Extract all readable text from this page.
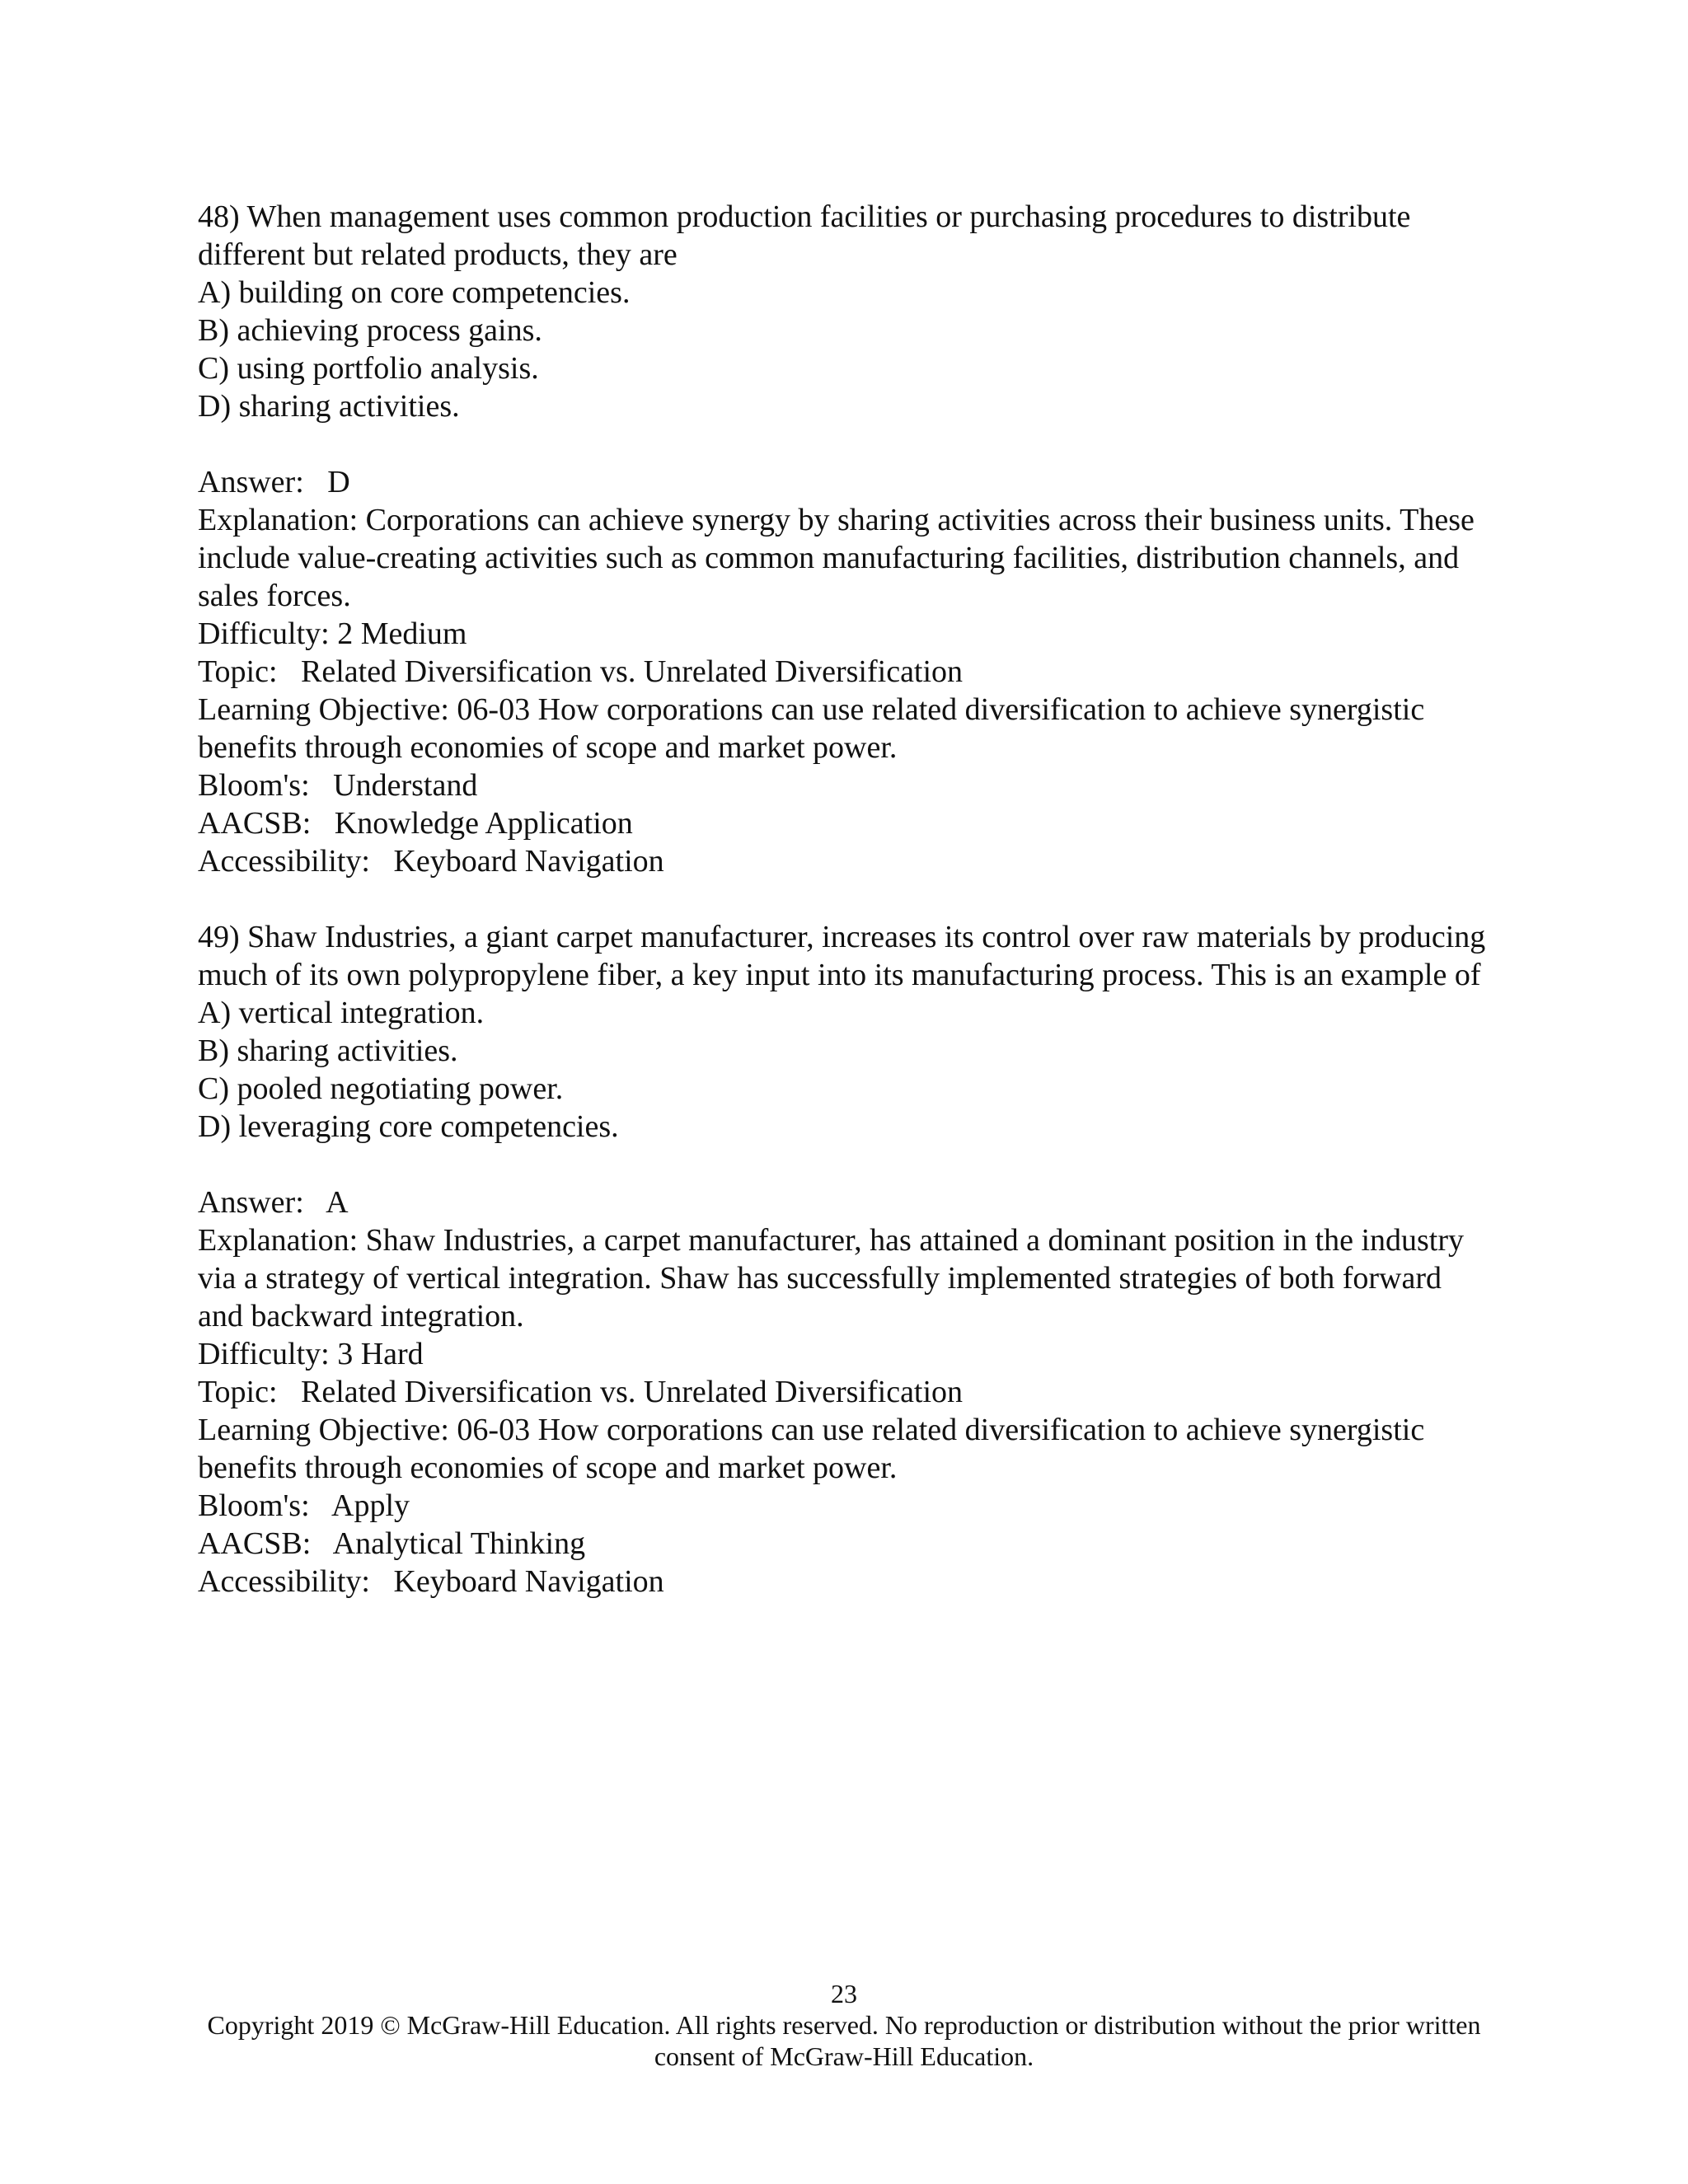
48) When management uses common production facilities or purchasing procedures to distribute different but related products, they are
A) building on core competencies.
B) achieving process gains.
C) using portfolio analysis.
D) sharing activities.
Answer:   D
Explanation: Corporations can achieve synergy by sharing activities across their business units. These include value-creating activities such as common manufacturing facilities, distribution channels, and sales forces.
Difficulty: 2 Medium
Topic:   Related Diversification vs. Unrelated Diversification
Learning Objective: 06-03 How corporations can use related diversification to achieve synergistic benefits through economies of scope and market power.
Bloom's:   Understand
AACSB:   Knowledge Application
Accessibility:   Keyboard Navigation
49) Shaw Industries, a giant carpet manufacturer, increases its control over raw materials by producing much of its own polypropylene fiber, a key input into its manufacturing process. This is an example of
A) vertical integration.
B) sharing activities.
C) pooled negotiating power.
D) leveraging core competencies.
Answer:   A
Explanation: Shaw Industries, a carpet manufacturer, has attained a dominant position in the industry via a strategy of vertical integration. Shaw has successfully implemented strategies of both forward and backward integration.
Difficulty: 3 Hard
Topic:   Related Diversification vs. Unrelated Diversification
Learning Objective: 06-03 How corporations can use related diversification to achieve synergistic benefits through economies of scope and market power.
Bloom's:   Apply
AACSB:   Analytical Thinking
Accessibility:   Keyboard Navigation
23
Copyright 2019 © McGraw-Hill Education. All rights reserved. No reproduction or distribution without the prior written consent of McGraw-Hill Education.
